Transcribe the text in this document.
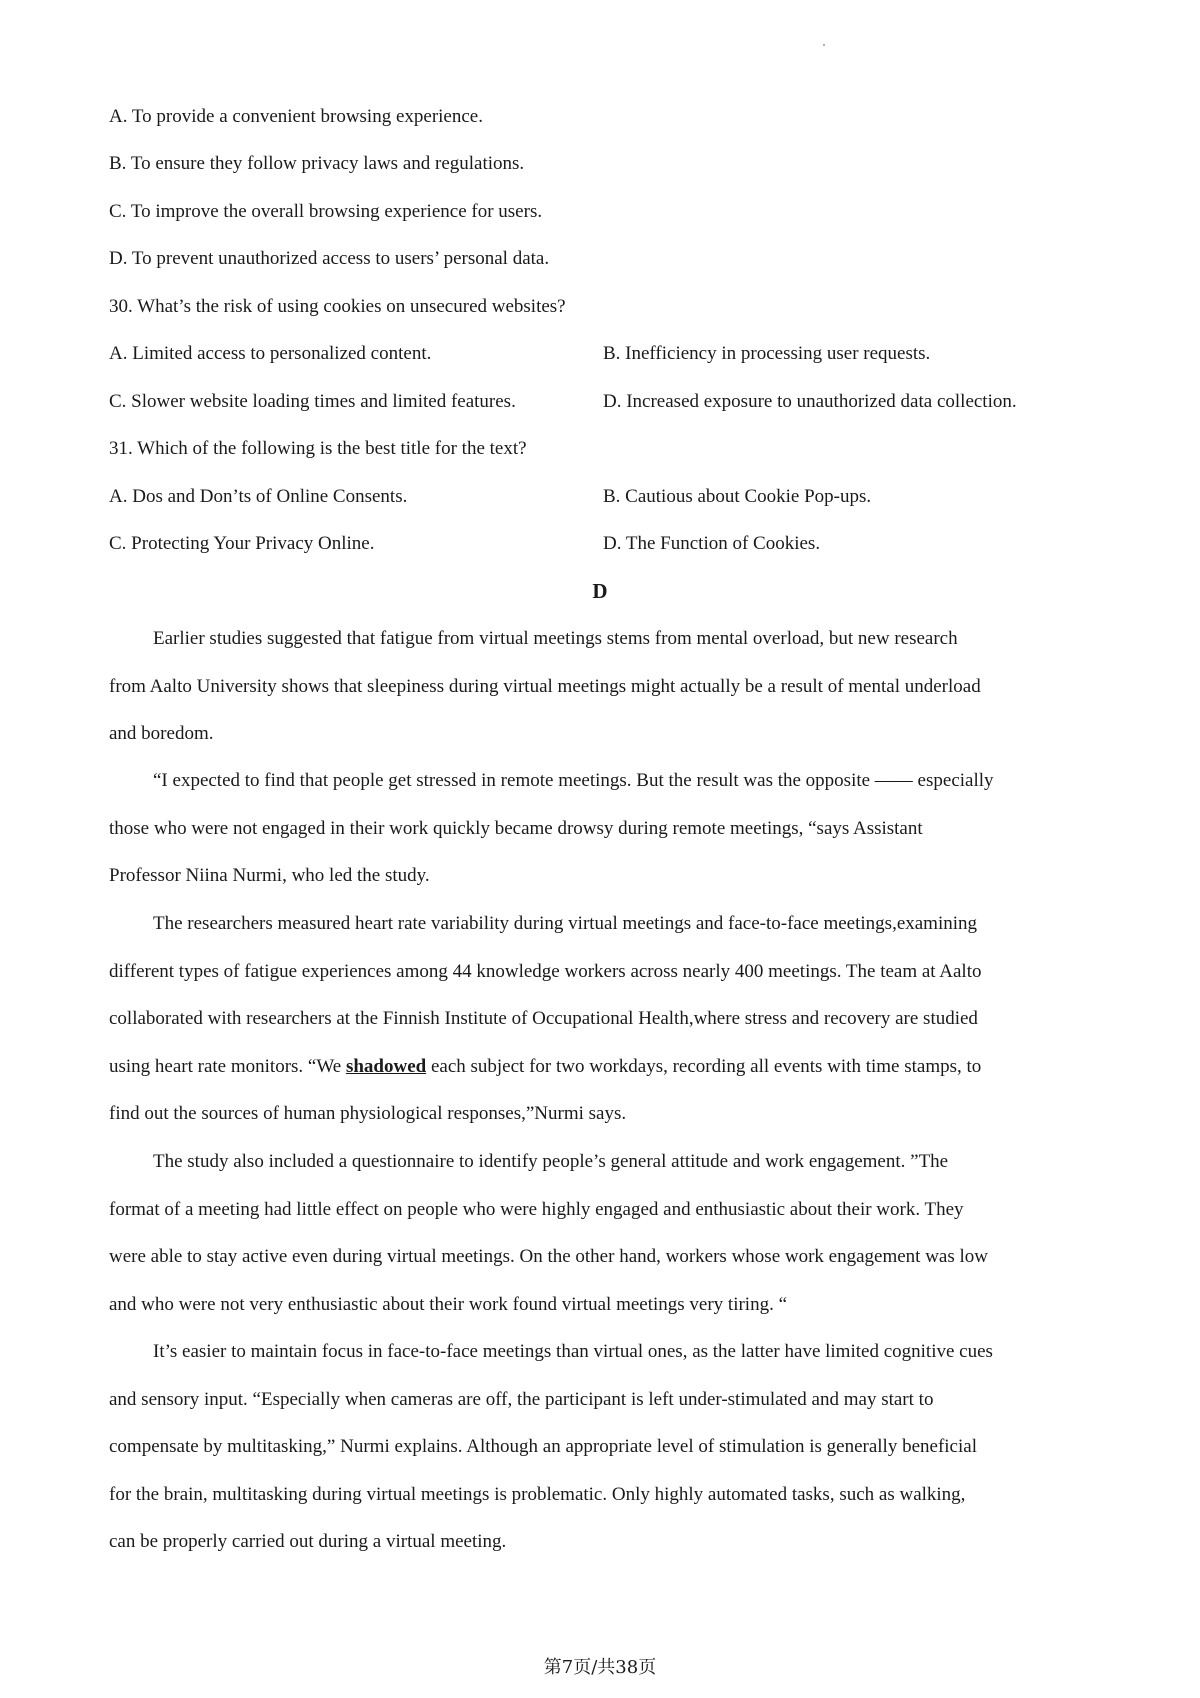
A. To provide a convenient browsing experience.
B. To ensure they follow privacy laws and regulations.
C. To improve the overall browsing experience for users.
D. To prevent unauthorized access to users’ personal data.
30. What’s the risk of using cookies on unsecured websites?
A. Limited access to personalized content.	B. Inefficiency in processing user requests.
C. Slower website loading times and limited features.	D. Increased exposure to unauthorized data collection.
31. Which of the following is the best title for the text?
A. Dos and Don’ts of Online Consents.	B. Cautious about Cookie Pop-ups.
C. Protecting Your Privacy Online.	D. The Function of Cookies.
D
Earlier studies suggested that fatigue from virtual meetings stems from mental overload, but new research
from Aalto University shows that sleepiness during virtual meetings might actually be a result of mental underload
and boredom.
“I expected to find that people get stressed in remote meetings. But the result was the opposite —— especially
those who were not engaged in their work quickly became drowsy during remote meetings, “says Assistant
Professor Niina Nurmi, who led the study.
The researchers measured heart rate variability during virtual meetings and face-to-face meetings,examining
different types of fatigue experiences among 44 knowledge workers across nearly 400 meetings. The team at Aalto
collaborated with researchers at the Finnish Institute of Occupational Health,where stress and recovery are studied
using heart rate monitors. “We shadowed each subject for two workdays, recording all events with time stamps, to
find out the sources of human physiological responses,”Nurmi says.
The study also included a questionnaire to identify people’s general attitude and work engagement. ”The
format of a meeting had little effect on people who were highly engaged and enthusiastic about their work. They
were able to stay active even during virtual meetings. On the other hand, workers whose work engagement was low
and who were not very enthusiastic about their work found virtual meetings very tiring. “
It’s easier to maintain focus in face-to-face meetings than virtual ones, as the latter have limited cognitive cues
and sensory input. “Especially when cameras are off, the participant is left under-stimulated and may start to
compensate by multitasking,” Nurmi explains. Although an appropriate level of stimulation is generally beneficial
for the brain, multitasking during virtual meetings is problematic. Only highly automated tasks, such as walking,
can be properly carried out during a virtual meeting.
第7页/共38页
